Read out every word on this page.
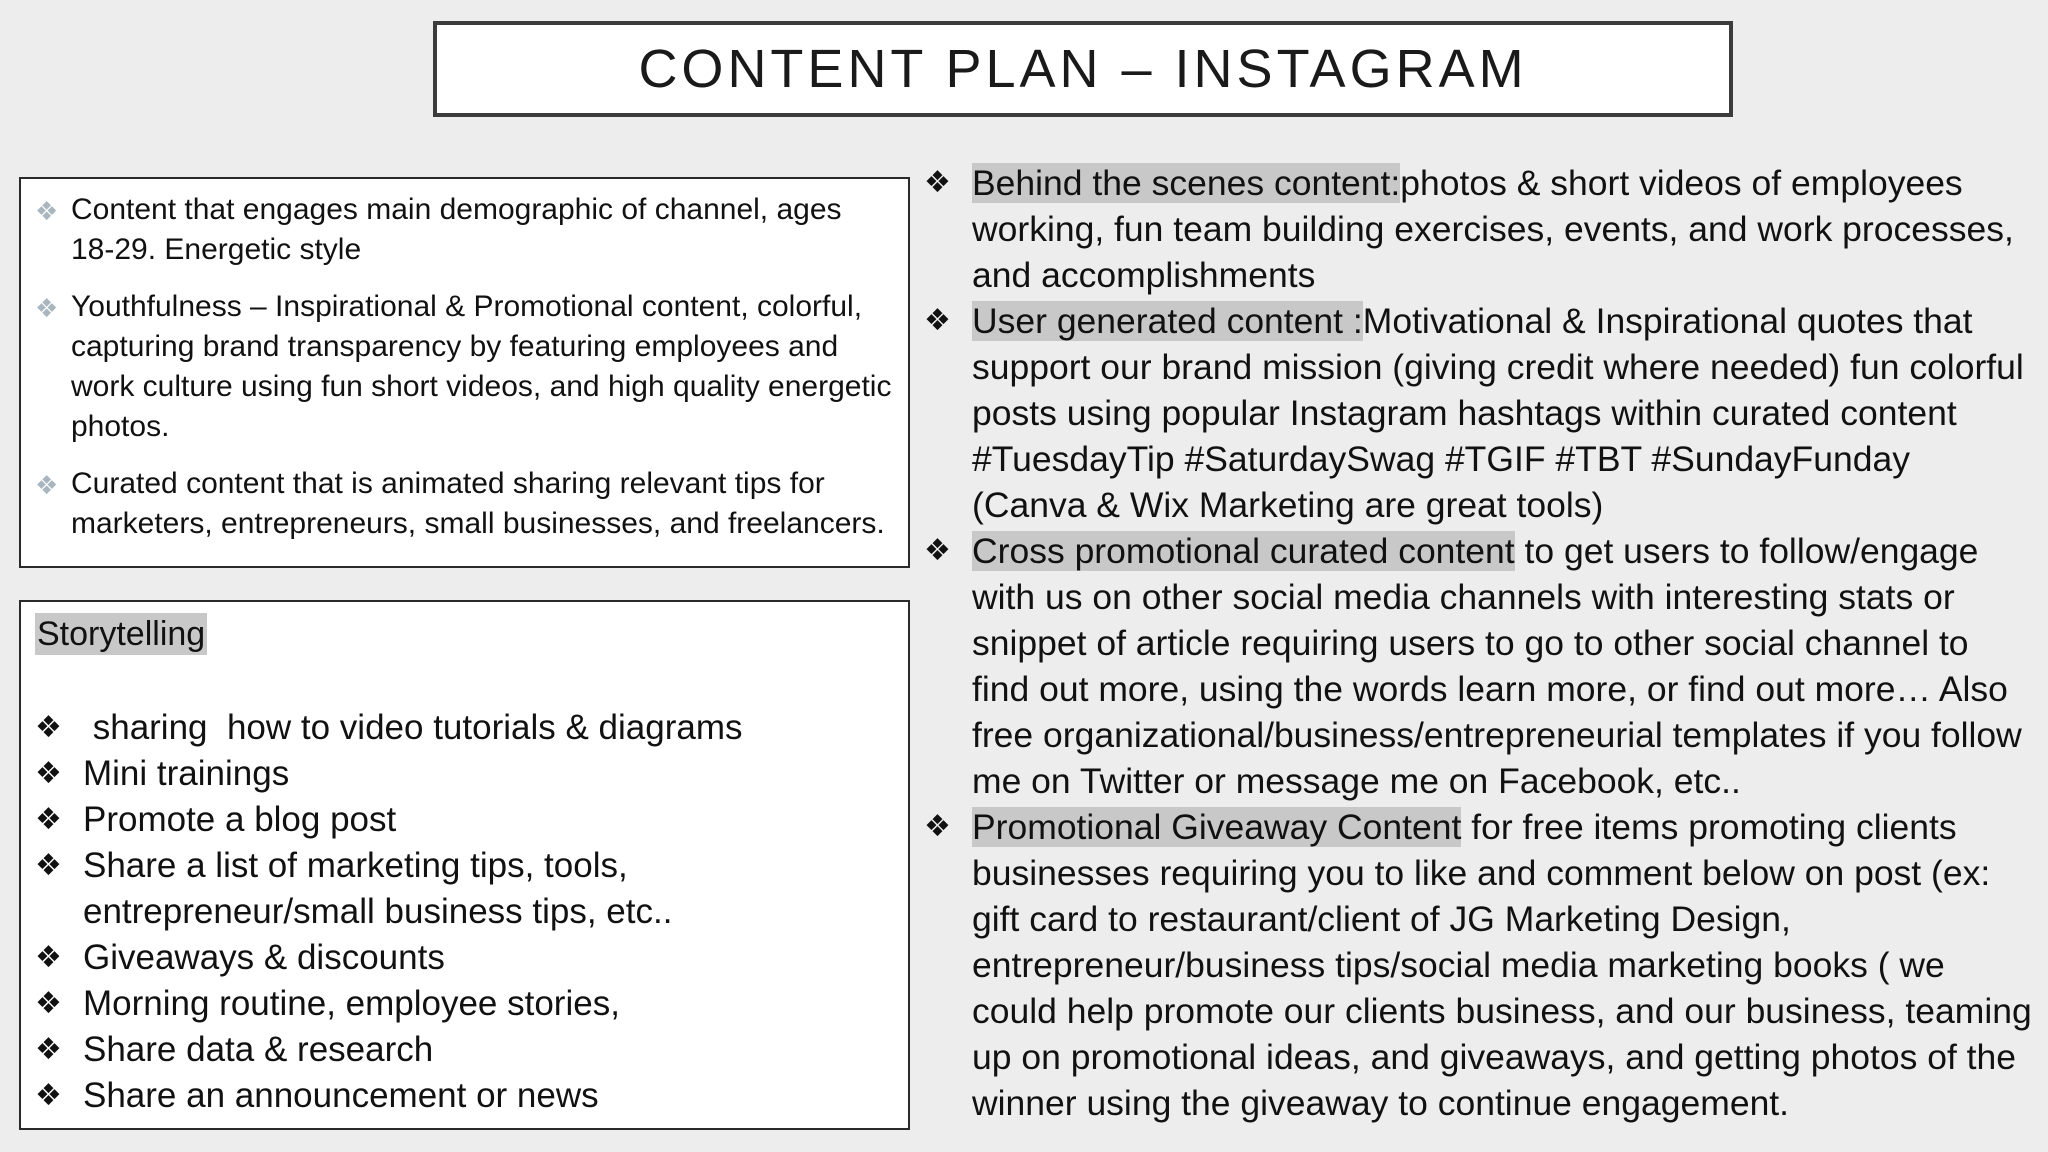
CONTENT PLAN – INSTAGRAM
❖ Content that engages main demographic of channel, ages 18-29. Energetic style
❖ Youthfulness – Inspirational & Promotional content, colorful, capturing brand transparency by featuring employees and work culture using fun short videos, and high quality energetic photos.
❖ Curated content that is animated sharing relevant tips for marketers, entrepreneurs, small businesses, and freelancers.
Storytelling
❖ sharing  how to video tutorials & diagrams
❖ Mini trainings
❖ Promote a blog post
❖ Share a list of marketing tips, tools, entrepreneur/small business tips, etc..
❖ Giveaways & discounts
❖ Morning routine, employee stories,
❖ Share data & research
❖ Share an announcement or news
❖ Behind the scenes content:photos & short videos of employees working, fun team building exercises, events, and work processes, and accomplishments
❖ User generated content :Motivational & Inspirational quotes that support our brand mission (giving credit where needed) fun colorful posts using popular Instagram hashtags within curated content #TuesdayTip #SaturdaySwag #TGIF #TBT #SundayFunday (Canva & Wix Marketing are great tools)
❖ Cross promotional curated content to get users to follow/engage with us on other social media channels with interesting stats or snippet of article requiring users to go to other social channel to find out more, using the words learn more, or find out more… Also free organizational/business/entrepreneurial templates if you follow me on Twitter or message me on Facebook, etc..
❖ Promotional Giveaway Content for free items promoting clients businesses requiring you to like and comment below on post (ex: gift card to restaurant/client of JG Marketing Design, entrepreneur/business tips/social media marketing books ( we could help promote our clients business, and our business, teaming up on promotional ideas, and giveaways, and getting photos of the winner using the giveaway to continue engagement.
